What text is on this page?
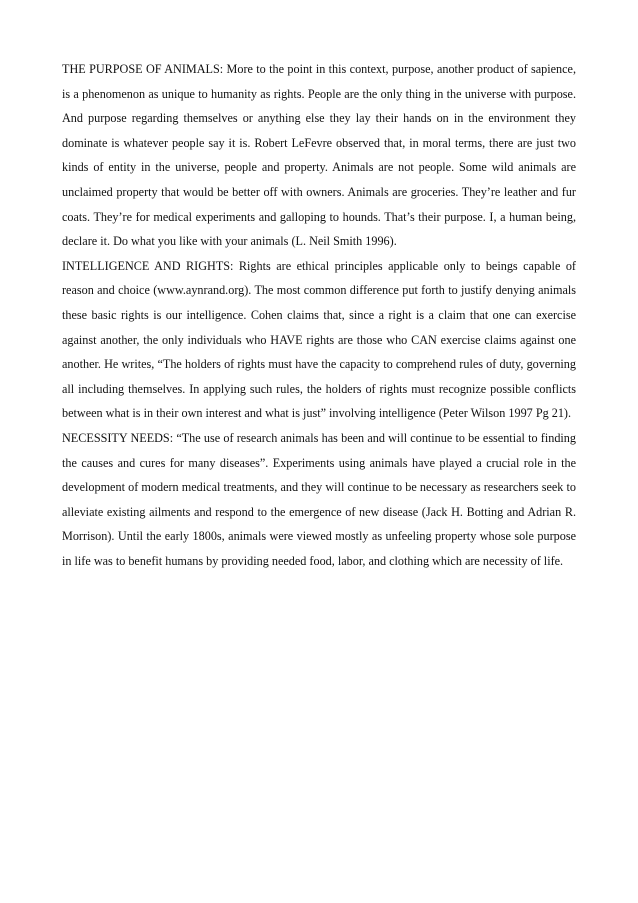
THE PURPOSE OF ANIMALS: More to the point in this context, purpose, another product of sapience, is a phenomenon as unique to humanity as rights. People are the only thing in the universe with purpose. And purpose regarding themselves or anything else they lay their hands on in the environment they dominate is whatever people say it is. Robert LeFevre observed that, in moral terms, there are just two kinds of entity in the universe, people and property. Animals are not people. Some wild animals are unclaimed property that would be better off with owners. Animals are groceries. They’re leather and fur coats. They’re for medical experiments and galloping to hounds. That’s their purpose. I, a human being, declare it. Do what you like with your animals (L. Neil Smith 1996).

INTELLIGENCE AND RIGHTS: Rights are ethical principles applicable only to beings capable of reason and choice (www.aynrand.org). The most common difference put forth to justify denying animals these basic rights is our intelligence. Cohen claims that, since a right is a claim that one can exercise against another, the only individuals who HAVE rights are those who CAN exercise claims against one another. He writes, “The holders of rights must have the capacity to comprehend rules of duty, governing all including themselves. In applying such rules, the holders of rights must recognize possible conflicts between what is in their own interest and what is just” involving intelligence (Peter Wilson 1997 Pg 21).

NECESSITY NEEDS: “The use of research animals has been and will continue to be essential to finding the causes and cures for many diseases”. Experiments using animals have played a crucial role in the development of modern medical treatments, and they will continue to be necessary as researchers seek to alleviate existing ailments and respond to the emergence of new disease (Jack H. Botting and Adrian R. Morrison). Until the early 1800s, animals were viewed mostly as unfeeling property whose sole purpose in life was to benefit humans by providing needed food, labor, and clothing which are necessity of life.
